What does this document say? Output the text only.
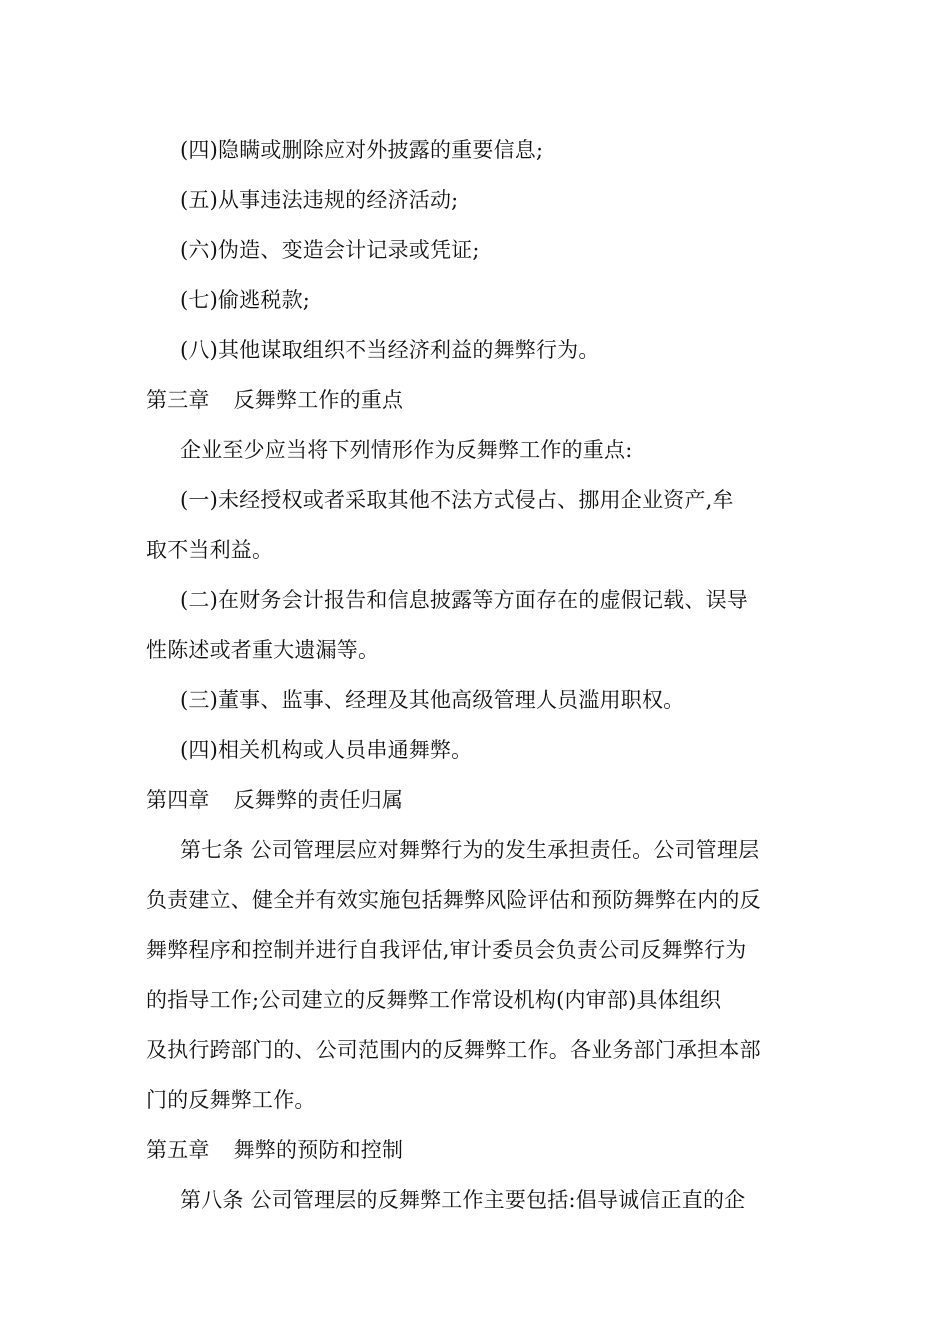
(四)隐瞒或删除应对外披露的重要信息;
(五)从事违法违规的经济活动;
(六)伪造、变造会计记录或凭证;
(七)偷逃税款;
(八)其他谋取组织不当经济利益的舞弊行为。
第三章 反舞弊工作的重点
企业至少应当将下列情形作为反舞弊工作的重点:
(一)未经授权或者采取其他不法方式侵占、挪用企业资产,牟
取不当利益。
(二)在财务会计报告和信息披露等方面存在的虚假记载、误导
性陈述或者重大遗漏等。
(三)董事、监事、经理及其他高级管理人员滥用职权。
(四)相关机构或人员串通舞弊。
第四章 反舞弊的责任归属
第七条 公司管理层应对舞弊行为的发生承担责任。公司管理层
负责建立、健全并有效实施包括舞弊风险评估和预防舞弊在内的反
舞弊程序和控制并进行自我评估,审计委员会负责公司反舞弊行为
的指导工作;公司建立的反舞弊工作常设机构(内审部)具体组织
及执行跨部门的、公司范围内的反舞弊工作。各业务部门承担本部
门的反舞弊工作。
第五章 舞弊的预防和控制
第八条 公司管理层的反舞弊工作主要包括:倡导诚信正直的企
